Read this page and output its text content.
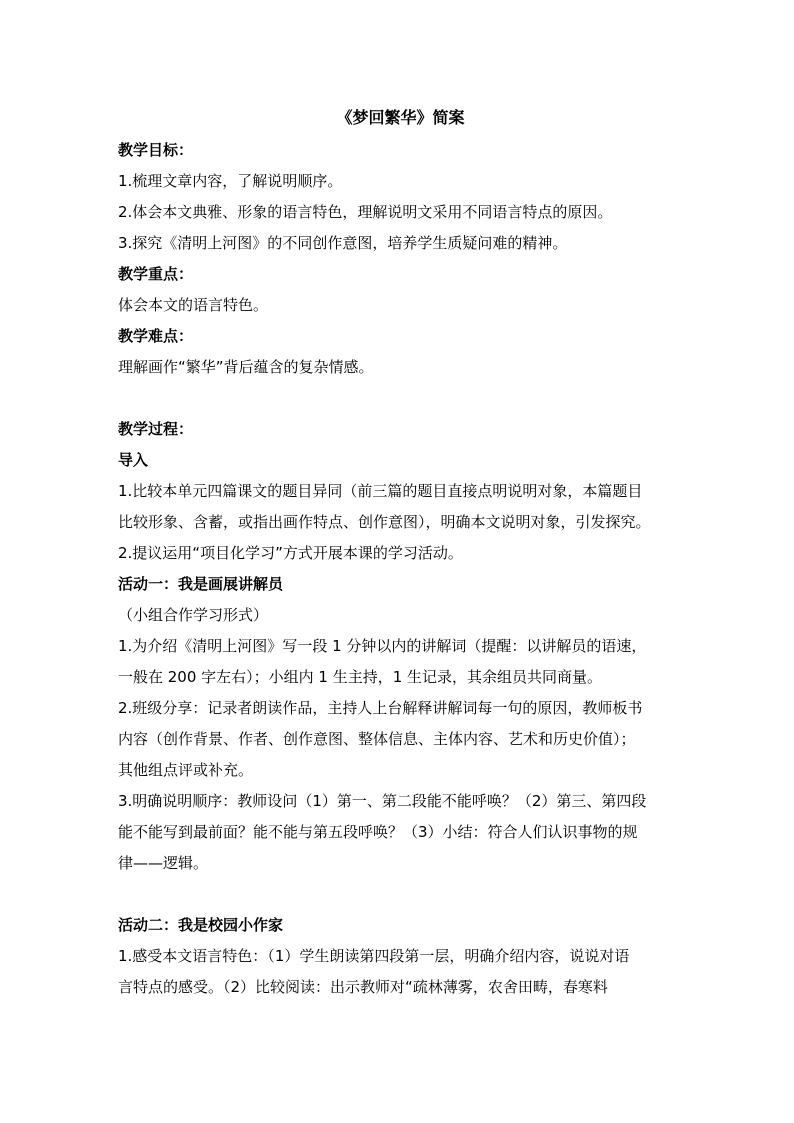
《梦回繁华》简案
教学目标：
1.梳理文章内容，了解说明顺序。
2.体会本文典雅、形象的语言特色，理解说明文采用不同语言特点的原因。
3.探究《清明上河图》的不同创作意图，培养学生质疑问难的精神。
教学重点：
体会本文的语言特色。
教学难点：
理解画作“繁华”背后蕴含的复杂情感。
教学过程：
导入
1.比较本单元四篇课文的题目异同（前三篇的题目直接点明说明对象，本篇题目
比较形象、含蓄，或指出画作特点、创作意图），明确本文说明对象，引发探究。
2.提议运用“项目化学习”方式开展本课的学习活动。
活动一：我是画展讲解员
（小组合作学习形式）
1.为介绍《清明上河图》写一段 1 分钟以内的讲解词（提醒：以讲解员的语速，
一般在 200 字左右）；小组内 1 生主持，1 生记录，其余组员共同商量。
2.班级分享：记录者朗读作品，主持人上台解释讲解词每一句的原因，教师板书
内容（创作背景、作者、创作意图、整体信息、主体内容、艺术和历史价值）；
其他组点评或补充。
3.明确说明顺序：教师设问（1）第一、第二段能不能呼唤？（2）第三、第四段
能不能写到最前面？能不能与第五段呼唤？（3）小结：符合人们认识事物的规
律——逻辑。
活动二：我是校园小作家
1.感受本文语言特色：（1）学生朗读第四段第一层，明确介绍内容，说说对语
言特点的感受。（2）比较阅读：出示教师对“疏林薄雾，农舍田畴，春寒料
